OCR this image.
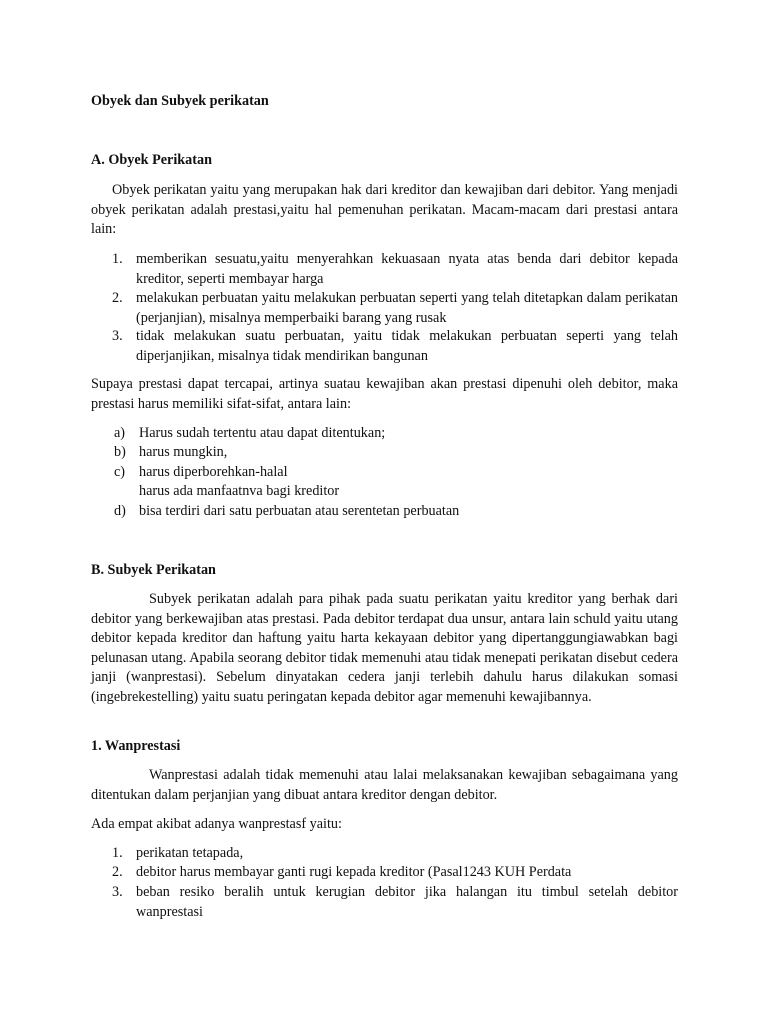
Obyek dan Subyek perikatan

A. Obyek Perikatan

Obyek perikatan yaitu yang merupakan hak dari kreditor dan kewajiban dari debitor. Yang menjadi obyek perikatan adalah prestasi,yaitu hal pemenuhan perikatan. Macam-macam dari prestasi antara lain:

1. memberikan sesuatu,yaitu menyerahkan kekuasaan nyata atas benda dari debitor kepada kreditor, seperti membayar harga

2. melakukan perbuatan yaitu melakukan perbuatan seperti yang telah ditetapkan dalam perikatan (perjanjian), misalnya memperbaiki barang yang rusak

3. tidak melakukan suatu perbuatan, yaitu tidak melakukan perbuatan seperti yang telah diperjanjikan, misalnya tidak mendirikan bangunan

Supaya prestasi dapat tercapai, artinya suatau kewajiban akan prestasi dipenuhi oleh debitor, maka prestasi harus memiliki sifat-sifat, antara lain:

a) Harus sudah tertentu atau dapat ditentukan;

b) harus mungkin,

c) harus diperborehkan-halal

harus ada manfaatnva bagi kreditor

d) bisa terdiri dari satu perbuatan atau serentetan perbuatan

B. Subyek Perikatan

Subyek perikatan adalah para pihak pada suatu perikatan yaitu kreditor yang berhak dari debitor yang berkewajiban atas prestasi. Pada debitor terdapat dua unsur, antara lain schuld yaitu utang debitor kepada kreditor dan haftung yaitu harta kekayaan debitor yang dipertanggungiawabkan bagi pelunasan utang. Apabila seorang debitor tidak memenuhi atau tidak menepati perikatan disebut cedera janji (wanprestasi). Sebelum dinyatakan cedera janji terlebih dahulu harus dilakukan somasi (ingebrekestelling) yaitu suatu peringatan kepada debitor agar memenuhi kewajibannya.

1. Wanprestasi

Wanprestasi adalah tidak memenuhi atau lalai melaksanakan kewajiban sebagaimana yang ditentukan dalam perjanjian yang dibuat antara kreditor dengan debitor.

Ada empat akibat adanya wanprestasf yaitu:

1. perikatan tetapada,

2. debitor harus membayar ganti rugi kepada kreditor (Pasal1243 KUH Perdata

3. beban resiko beralih untuk kerugian debitor jika halangan itu timbul setelah debitor wanprestasi
